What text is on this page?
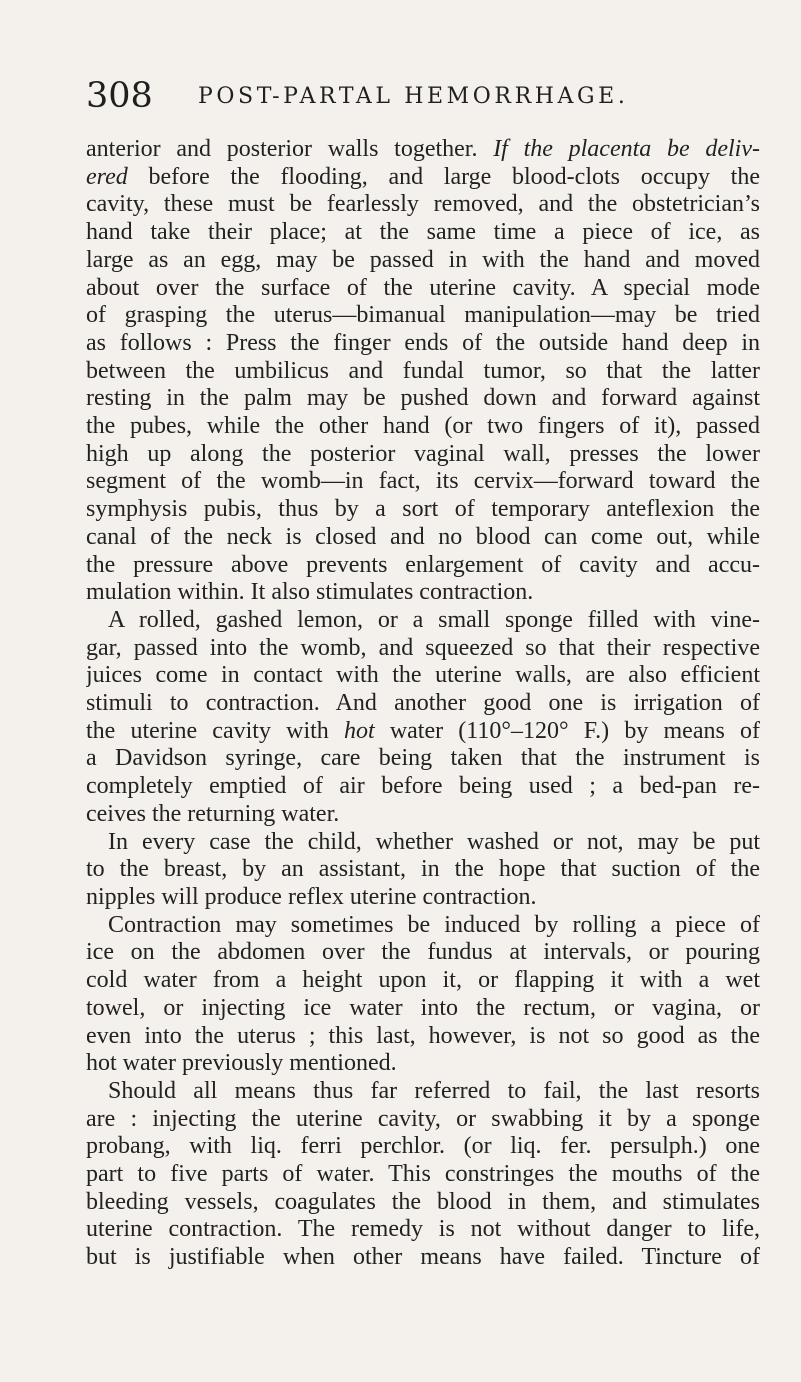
308 POST-PARTAL HEMORRHAGE.
anterior and posterior walls together. If the placenta be deliv-
ered before the flooding, and large blood-clots occupy the
cavity, these must be fearlessly removed, and the obstetrician’s
hand take their place; at the same time a piece of ice, as
large as an egg, may be passed in with the hand and moved
about over the surface of the uterine cavity. A special mode
of grasping the uterus—bimanual manipulation—may be tried
as follows : Press the finger ends of the outside hand deep in
between the umbilicus and fundal tumor, so that the latter
resting in the palm may be pushed down and forward against
the pubes, while the other hand (or two fingers of it), passed
high up along the posterior vaginal wall, presses the lower
segment of the womb—in fact, its cervix—forward toward the
symphysis pubis, thus by a sort of temporary anteflexion the
canal of the neck is closed and no blood can come out, while
the pressure above prevents enlargement of cavity and accu-
mulation within. It also stimulates contraction.
A rolled, gashed lemon, or a small sponge filled with vine-
gar, passed into the womb, and squeezed so that their respective
juices come in contact with the uterine walls, are also efficient
stimuli to contraction. And another good one is irrigation of
the uterine cavity with hot water (110°–120° F.) by means of
a Davidson syringe, care being taken that the instrument is
completely emptied of air before being used ; a bed-pan re-
ceives the returning water.
In every case the child, whether washed or not, may be put
to the breast, by an assistant, in the hope that suction of the
nipples will produce reflex uterine contraction.
Contraction may sometimes be induced by rolling a piece of
ice on the abdomen over the fundus at intervals, or pouring
cold water from a height upon it, or flapping it with a wet
towel, or injecting ice water into the rectum, or vagina, or
even into the uterus ; this last, however, is not so good as the
hot water previously mentioned.
Should all means thus far referred to fail, the last resorts
are : injecting the uterine cavity, or swabbing it by a sponge
probang, with liq. ferri perchlor. (or liq. fer. persulph.) one
part to five parts of water. This constringes the mouths of the
bleeding vessels, coagulates the blood in them, and stimulates
uterine contraction. The remedy is not without danger to life,
but is justifiable when other means have failed. Tincture of
